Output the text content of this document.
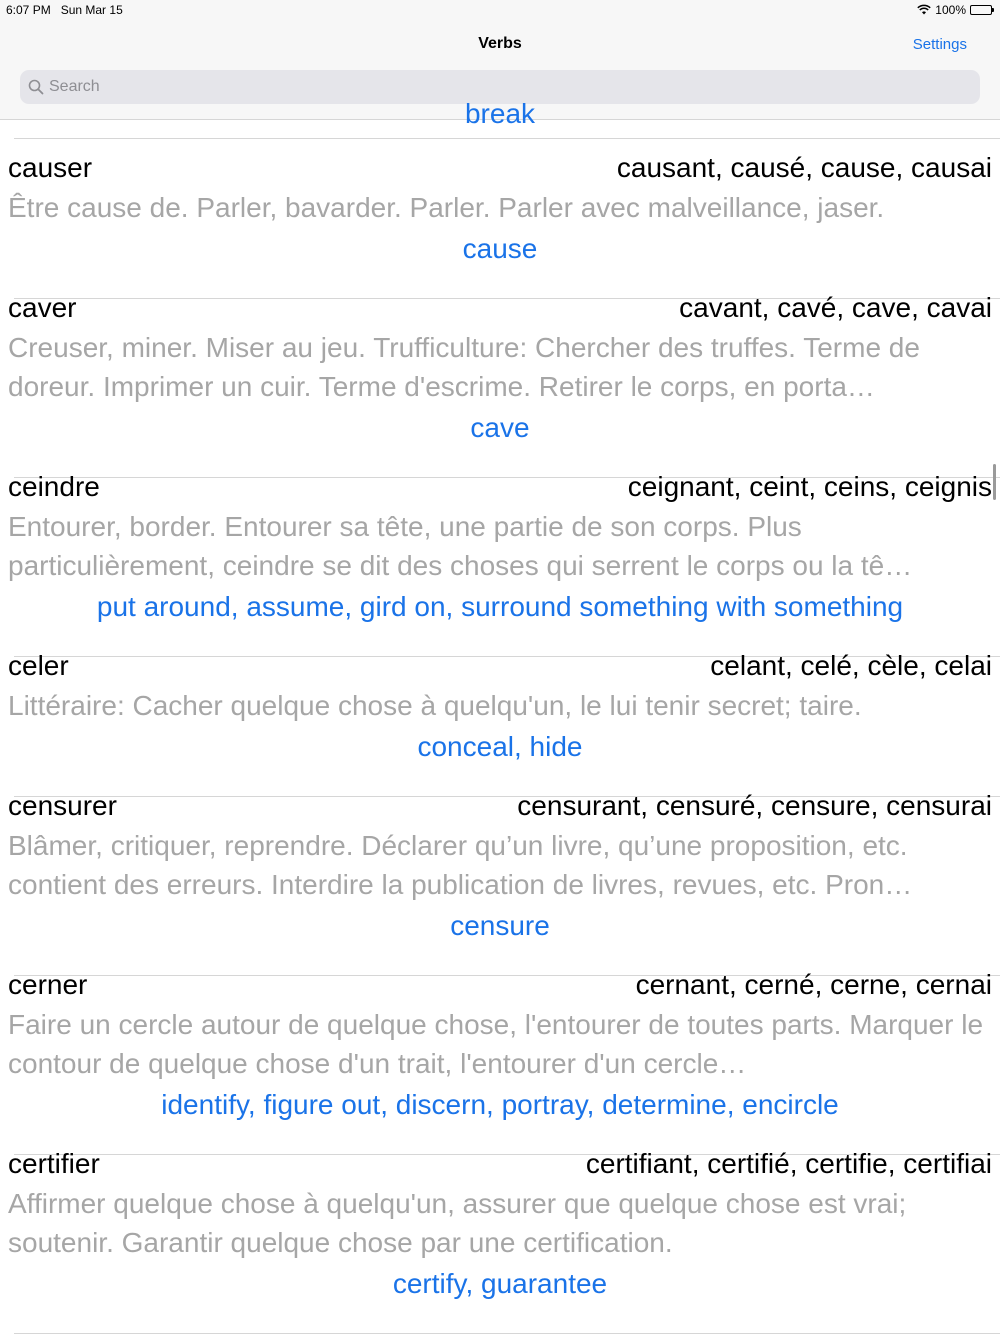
6:07 PM Sun Mar 15	100%
Verbs	Settings
Search
break
causer	causant, causé, cause, causai
Être cause de. Parler, bavarder. Parler. Parler avec malveillance, jaser.
cause
caver	cavant, cavé, cave, cavai
Creuser, miner. Miser au jeu. Trufficulture: Chercher des truffes. Terme de doreur. Imprimer un cuir. Terme d'escrime. Retirer le corps, en porta…
cave
ceindre	ceignant, ceint, ceins, ceignis
Entourer, border. Entourer sa tête, une partie de son corps. Plus particulièrement, ceindre se dit des choses qui serrent le corps ou la tê…
put around, assume, gird on, surround something with something
celer	celant, celé, cèle, celai
Littéraire: Cacher quelque chose à quelqu'un, le lui tenir secret; taire.
conceal, hide
censurer	censurant, censuré, censure, censurai
Blâmer, critiquer, reprendre. Déclarer qu’un livre, qu’une proposition, etc. contient des erreurs. Interdire la publication de livres, revues, etc. Pron…
censure
cerner	cernant, cerné, cerne, cernai
Faire un cercle autour de quelque chose, l'entourer de toutes parts. Marquer le contour de quelque chose d'un trait, l'entourer d'un cercle…
identify, figure out, discern, portray, determine, encircle
certifier	certifiant, certifié, certifie, certifiai
Affirmer quelque chose à quelqu'un, assurer que quelque chose est vrai; soutenir. Garantir quelque chose par une certification.
certify, guarantee
